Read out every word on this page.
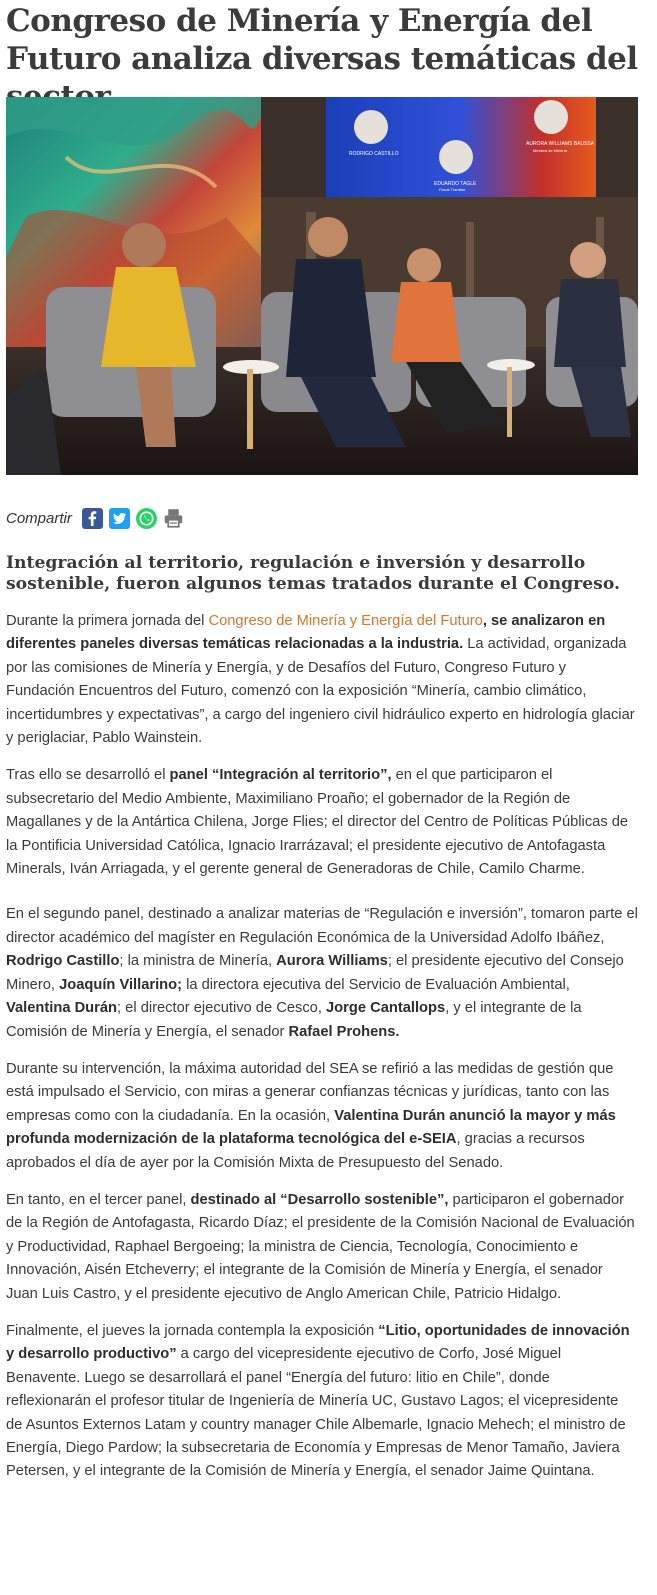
Congreso de Minería y Energía del Futuro analiza diversas temáticas del
RODRIGO CASTILLO
EDUARDO TAGLE
Fiscal Tramitar
AURORA WILLIAMS BAUSSA
Ministra de Minería
Compartir
Integración al territorio, regulación e inversión y desarrollo sostenible, fueron algunos temas tratados durante el Congreso.

Durante la primera jornada del Congreso de Minería y Energía del Futuro, se analizaron en diferentes paneles diversas temáticas relacionadas a la industria. La actividad, organizada por las comisiones de Minería y Energía, y de Desafíos del Futuro, Congreso Futuro y Fundación Encuentros del Futuro, comenzó con la exposición “Minería, cambio climático, incertidumbres y expectativas”, a cargo del ingeniero civil hidráulico experto en hidrología glaciar y periglaciar, Pablo Wainstein.

Tras ello se desarrolló el panel “Integración al territorio”, en el que participaron el subsecretario del Medio Ambiente, Maximiliano Proaño; el gobernador de la Región de Magallanes y de la Antártica Chilena, Jorge Flies; el director del Centro de Políticas Públicas de la Pontificia Universidad Católica, Ignacio Irarrázaval; el presidente ejecutivo de Antofagasta Minerals, Iván Arriagada, y el gerente general de Generadoras de Chile, Camilo Charme.

En el segundo panel, destinado a analizar materias de “Regulación e inversión”, tomaron parte el director académico del magíster en Regulación Económica de la Universidad Adolfo Ibáñez, Rodrigo Castillo; la ministra de Minería, Aurora Williams; el presidente ejecutivo del Consejo Minero, Joaquín Villarino; la directora ejecutiva del Servicio de Evaluación Ambiental, Valentina Durán; el director ejecutivo de Cesco, Jorge Cantallops, y el integrante de la Comisión de Minería y Energía, el senador Rafael Prohens.

Durante su intervención, la máxima autoridad del SEA se refirió a las medidas de gestión que está impulsado el Servicio, con miras a generar confianzas técnicas y jurídicas, tanto con las empresas como con la ciudadanía. En la ocasión, Valentina Durán anunció la mayor y más profunda modernización de la plataforma tecnológica del e-SEIA, gracias a recursos aprobados el día de ayer por la Comisión Mixta de Presupuesto del Senado.

En tanto, en el tercer panel, destinado al “Desarrollo sostenible”, participaron el gobernador de la Región de Antofagasta, Ricardo Díaz; el presidente de la Comisión Nacional de Evaluación y Productividad, Raphael Bergoeing; la ministra de Ciencia, Tecnología, Conocimiento e Innovación, Aisén Etcheverry; el integrante de la Comisión de Minería y Energía, el senador Juan Luis Castro, y el presidente ejecutivo de Anglo American Chile, Patricio Hidalgo.

Finalmente, el jueves la jornada contempla la exposición “Litio, oportunidades de innovación y desarrollo productivo” a cargo del vicepresidente ejecutivo de Corfo, José Miguel Benavente. Luego se desarrollará el panel “Energía del futuro: litio en Chile”, donde reflexionarán el profesor titular de Ingeniería de Minería UC, Gustavo Lagos; el vicepresidente de Asuntos Externos Latam y country manager Chile Albemarle, Ignacio Mehech; el ministro de Energía, Diego Pardow; la subsecretaria de Economía y Empresas de Menor Tamaño, Javiera Petersen, y el integrante de la Comisión de Minería y Energía, el senador Jaime Quintana.
